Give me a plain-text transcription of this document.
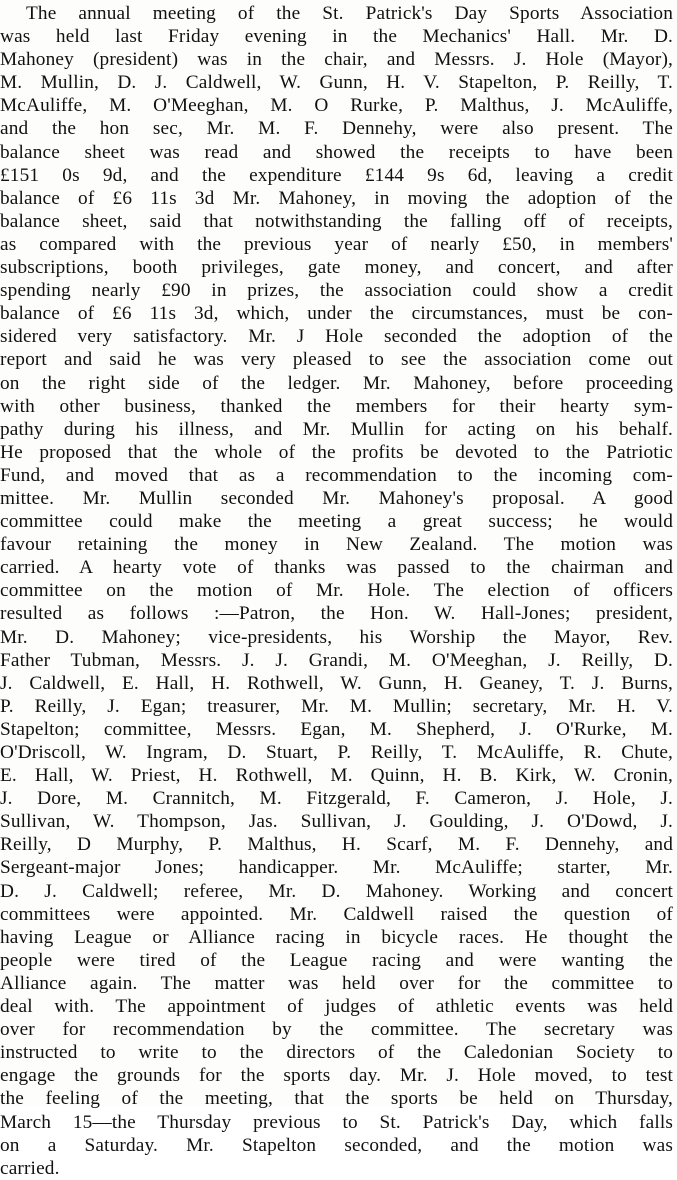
The annual meeting of the St. Patrick's Day Sports Association
was held last Friday evening in the Mechanics' Hall. Mr. D.
Mahoney (president) was in the chair, and Messrs. J. Hole (Mayor),
M. Mullin, D. J. Caldwell, W. Gunn, H. V. Stapelton, P. Reilly, T.
McAuliffe, M. O'Meeghan, M. O Rurke, P. Malthus, J. McAuliffe,
and the hon sec, Mr. M. F. Dennehy, were also present. The
balance sheet was read and showed the receipts to have been
£151 0s 9d, and the expenditure £144 9s 6d, leaving a credit
balance of £6 11s 3d Mr. Mahoney, in moving the adoption of the
balance sheet, said that notwithstanding the falling off of receipts,
as compared with the previous year of nearly £50, in members'
subscriptions, booth privileges, gate money, and concert, and after
spending nearly £90 in prizes, the association could show a credit
balance of £6 11s 3d, which, under the circumstances, must be con-
sidered very satisfactory. Mr. J Hole seconded the adoption of the
report and said he was very pleased to see the association come out
on the right side of the ledger. Mr. Mahoney, before proceeding
with other business, thanked the members for their hearty sym-
pathy during his illness, and Mr. Mullin for acting on his behalf.
He proposed that the whole of the profits be devoted to the Patriotic
Fund, and moved that as a recommendation to the incoming com-
mittee. Mr. Mullin seconded Mr. Mahoney's proposal. A good
committee could make the meeting a great success; he would
favour retaining the money in New Zealand. The motion was
carried. A hearty vote of thanks was passed to the chairman and
committee on the motion of Mr. Hole. The election of officers
resulted as follows :—Patron, the Hon. W. Hall-Jones; president,
Mr. D. Mahoney; vice-presidents, his Worship the Mayor, Rev.
Father Tubman, Messrs. J. J. Grandi, M. O'Meeghan, J. Reilly, D.
J. Caldwell, E. Hall, H. Rothwell, W. Gunn, H. Geaney, T. J. Burns,
P. Reilly, J. Egan; treasurer, Mr. M. Mullin; secretary, Mr. H. V.
Stapelton; committee, Messrs. Egan, M. Shepherd, J. O'Rurke, M.
O'Driscoll, W. Ingram, D. Stuart, P. Reilly, T. McAuliffe, R. Chute,
E. Hall, W. Priest, H. Rothwell, M. Quinn, H. B. Kirk, W. Cronin,
J. Dore, M. Crannitch, M. Fitzgerald, F. Cameron, J. Hole, J.
Sullivan, W. Thompson, Jas. Sullivan, J. Goulding, J. O'Dowd, J.
Reilly, D Murphy, P. Malthus, H. Scarf, M. F. Dennehy, and
Sergeant-major Jones; handicapper. Mr. McAuliffe; starter, Mr.
D. J. Caldwell; referee, Mr. D. Mahoney. Working and concert
committees were appointed. Mr. Caldwell raised the question of
having League or Alliance racing in bicycle races. He thought the
people were tired of the League racing and were wanting the
Alliance again. The matter was held over for the committee to
deal with. The appointment of judges of athletic events was held
over for recommendation by the committee. The secretary was
instructed to write to the directors of the Caledonian Society to
engage the grounds for the sports day. Mr. J. Hole moved, to test
the feeling of the meeting, that the sports be held on Thursday,
March 15—the Thursday previous to St. Patrick's Day, which falls
on a Saturday. Mr. Stapelton seconded, and the motion was
carried.
